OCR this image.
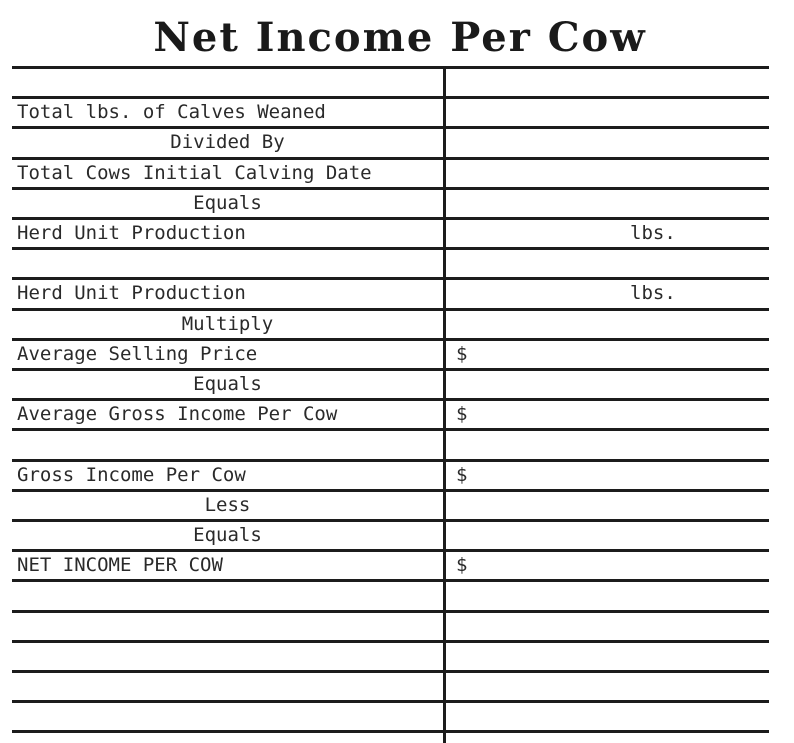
Net Income Per Cow
Total lbs. of Calves Weaned
Divided By
Total Cows Initial Calving Date
Equals
Herd Unit Production	lbs.
Herd Unit Production	lbs.
Multiply
Average Selling Price	$
Equals
Average Gross Income Per Cow	$
Gross Income Per Cow	$
Less
Equals
NET INCOME PER COW	$
